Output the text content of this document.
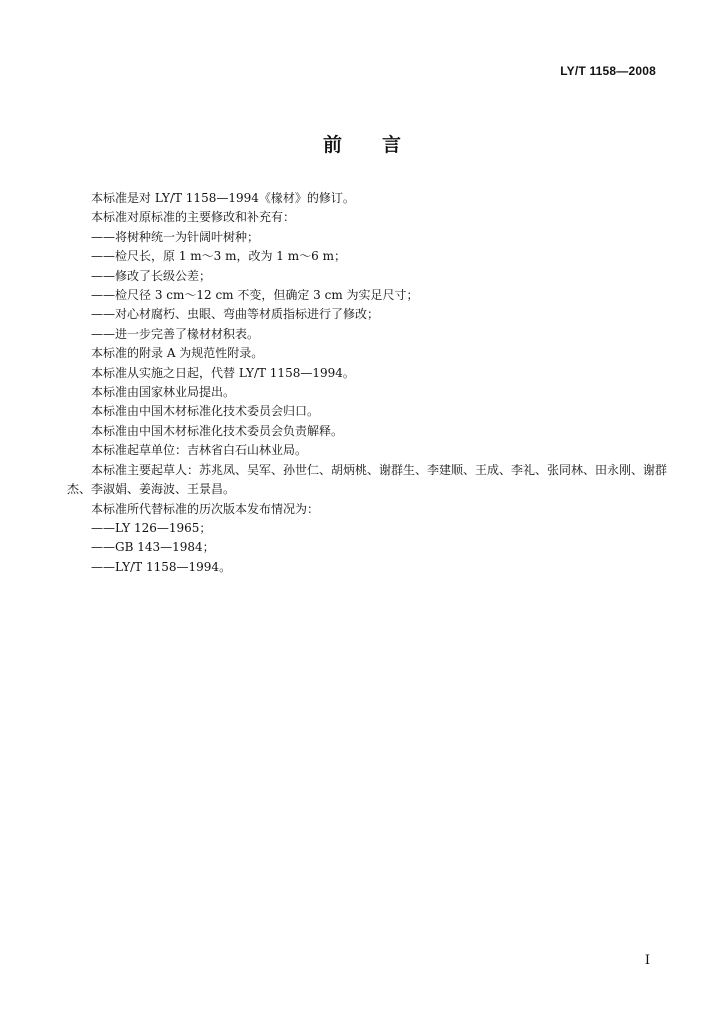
LY/T 1158—2008
前 言

本标准是对 LY/T 1158—1994《椽材》的修订。

本标准对原标准的主要修改和补充有：

——将树种统一为针阔叶树种；

——检尺长，原 1 m～3 m，改为 1 m～6 m；

——修改了长级公差；

——检尺径 3 cm～12 cm 不变，但确定 3 cm 为实足尺寸；

——对心材腐朽、虫眼、弯曲等材质指标进行了修改；

——进一步完善了椽材材积表。

本标准的附录 A 为规范性附录。

本标准从实施之日起，代替 LY/T 1158—1994。

本标准由国家林业局提出。

本标准由中国木材标准化技术委员会归口。

本标准由中国木材标准化技术委员会负责解释。

本标准起草单位：吉林省白石山林业局。

本标准主要起草人：苏兆凤、吴军、孙世仁、胡炳桃、谢群生、李建顺、王成、李礼、张同林、田永刚、谢群杰、李淑娟、姜海波、王景昌。

本标准所代替标准的历次版本发布情况为：

——LY 126—1965；

——GB 143—1984；

——LY/T 1158—1994。

I
